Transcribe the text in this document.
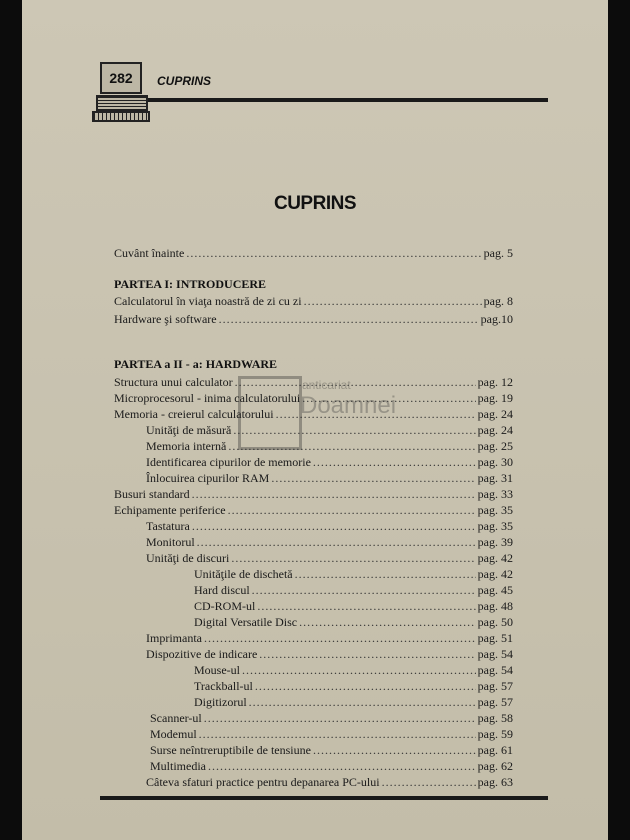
282	CUPRINS
CUPRINS
Cuvânt înainte .....	pag. 5
PARTEA I: INTRODUCERE
Calculatorul în viaţa noastră de zi cu zi .....	pag. 8
Hardware şi software .....	pag.10
PARTEA a II - a: HARDWARE
Structura unui calculator .....	pag. 12
Microprocesorul - inima calculatorului .....	pag. 19
Memoria - creierul calculatorului .....	pag. 24
Unităţi de măsură .....	pag. 24
Memoria internă .....	pag. 25
Identificarea cipurilor de memorie .....	pag. 30
Înlocuirea cipurilor RAM .....	pag. 31
Busuri standard .....	pag. 33
Echipamente periferice .....	pag. 35
Tastatura .....	pag. 35
Monitorul .....	pag. 39
Unităţi de discuri .....	pag. 42
Unităţile de dischetă .....	pag. 42
Hard discul .....	pag. 45
CD-ROM-ul .....	pag. 48
Digital Versatile Disc .....	pag. 50
Imprimanta .....	pag. 51
Dispozitive de indicare .....	pag. 54
Mouse-ul .....	pag. 54
Trackball-ul .....	pag. 57
Digitizorul .....	pag. 57
Scanner-ul .....	pag. 58
Modemul .....	pag. 59
Surse neîntreruptibile de tensiune .....	pag. 61
Multimedia .....	pag. 62
Câteva sfaturi practice pentru depanarea PC-ului .....	pag. 63
anticariat
Doamnei
